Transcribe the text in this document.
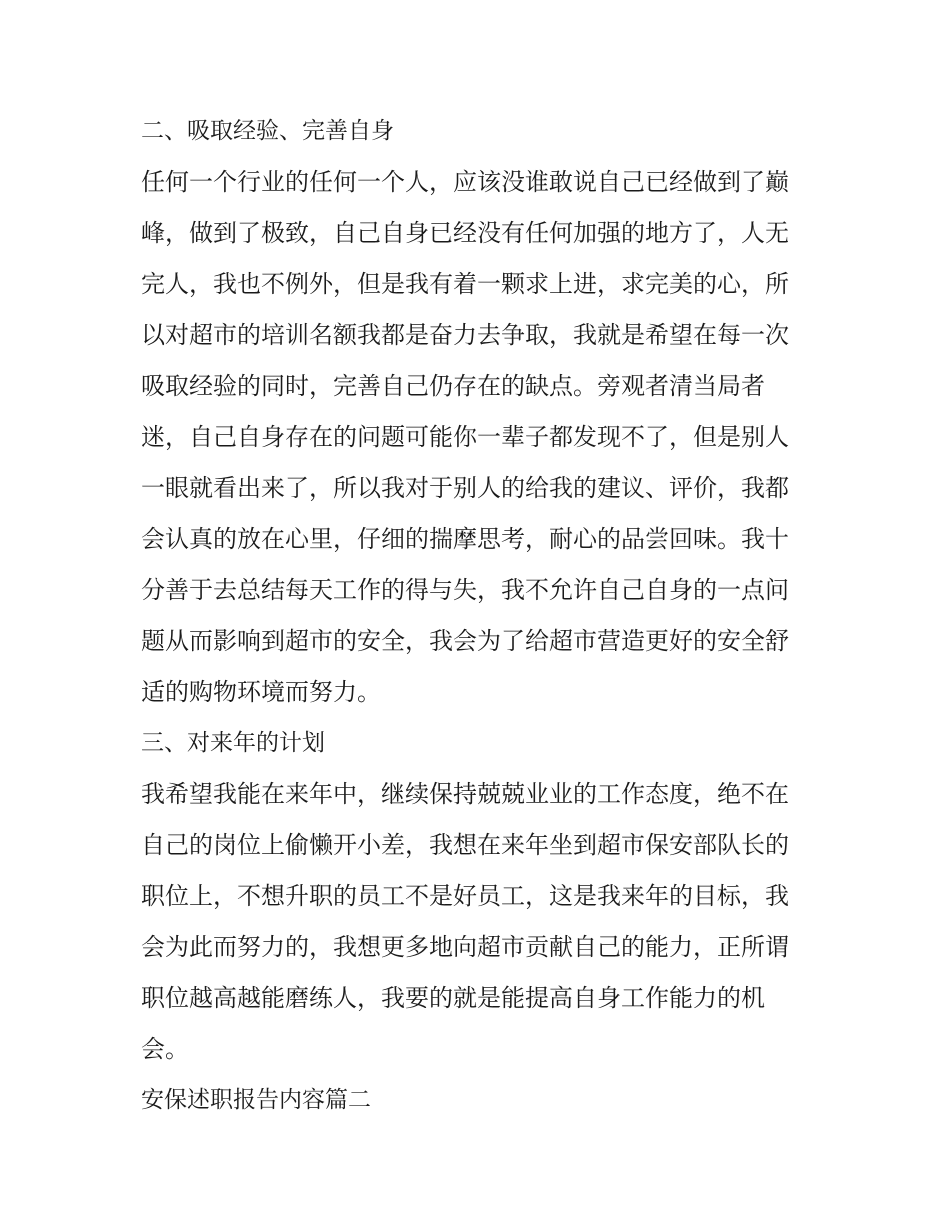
二、吸取经验、完善自身
任何一个行业的任何一个人，应该没谁敢说自己已经做到了巅
峰，做到了极致，自己自身已经没有任何加强的地方了，人无
完人，我也不例外，但是我有着一颗求上进，求完美的心，所
以对超市的培训名额我都是奋力去争取，我就是希望在每一次
吸取经验的同时，完善自己仍存在的缺点。旁观者清当局者
迷，自己自身存在的问题可能你一辈子都发现不了，但是别人
一眼就看出来了，所以我对于别人的给我的建议、评价，我都
会认真的放在心里，仔细的揣摩思考，耐心的品尝回味。我十
分善于去总结每天工作的得与失，我不允许自己自身的一点问
题从而影响到超市的安全，我会为了给超市营造更好的安全舒
适的购物环境而努力。
三、对来年的计划
我希望我能在来年中，继续保持兢兢业业的工作态度，绝不在
自己的岗位上偷懒开小差，我想在来年坐到超市保安部队长的
职位上，不想升职的员工不是好员工，这是我来年的目标，我
会为此而努力的，我想更多地向超市贡献自己的能力，正所谓
职位越高越能磨练人，我要的就是能提高自身工作能力的机
会。
安保述职报告内容篇二
